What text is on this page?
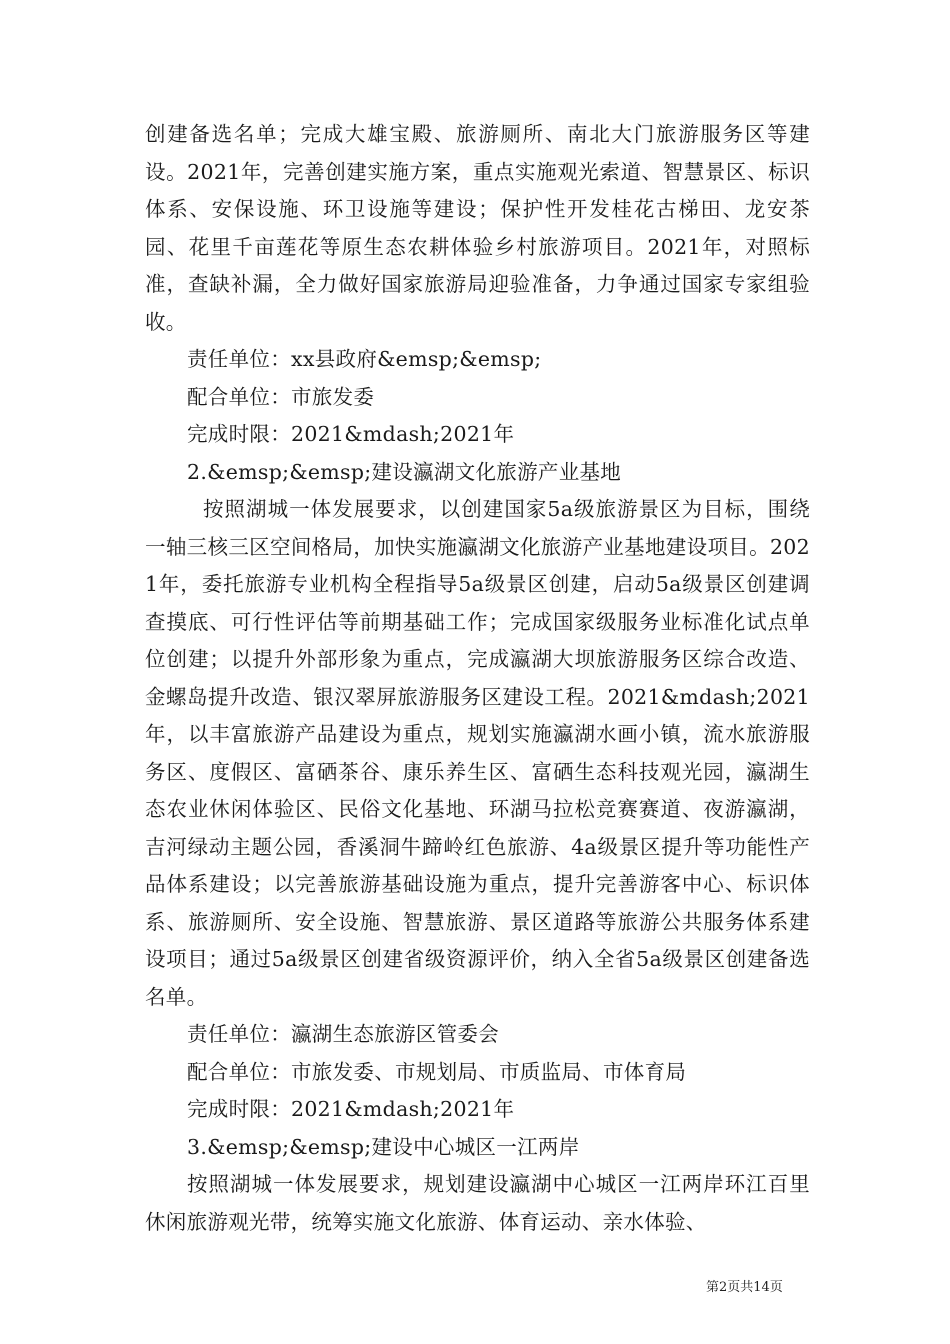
创建备选名单；完成大雄宝殿、旅游厕所、南北大门旅游服务区等建设。2021年，完善创建实施方案，重点实施观光索道、智慧景区、标识体系、安保设施、环卫设施等建设；保护性开发桂花古梯田、龙安茶园、花里千亩莲花等原生态农耕体验乡村旅游项目。2021年，对照标准，查缺补漏，全力做好国家旅游局迎验准备，力争通过国家专家组验收。

责任单位：xx县政府&emsp;&emsp;

配合单位：市旅发委

完成时限：2021&mdash;2021年

2.&emsp;&emsp;建设瀛湖文化旅游产业基地

按照湖城一体发展要求，以创建国家5a级旅游景区为目标，围绕一轴三核三区空间格局，加快实施瀛湖文化旅游产业基地建设项目。2021年，委托旅游专业机构全程指导5a级景区创建，启动5a级景区创建调查摸底、可行性评估等前期基础工作；完成国家级服务业标准化试点单位创建；以提升外部形象为重点，完成瀛湖大坝旅游服务区综合改造、金螺岛提升改造、银汉翠屏旅游服务区建设工程。2021&mdash;2021年，以丰富旅游产品建设为重点，规划实施瀛湖水画小镇，流水旅游服务区、度假区、富硒茶谷、康乐养生区、富硒生态科技观光园，瀛湖生态农业休闲体验区、民俗文化基地、环湖马拉松竞赛赛道、夜游瀛湖，吉河绿动主题公园，香溪洞牛蹄岭红色旅游、4a级景区提升等功能性产品体系建设；以完善旅游基础设施为重点，提升完善游客中心、标识体系、旅游厕所、安全设施、智慧旅游、景区道路等旅游公共服务体系建设项目；通过5a级景区创建省级资源评价，纳入全省5a级景区创建备选名单。

责任单位：瀛湖生态旅游区管委会

配合单位：市旅发委、市规划局、市质监局、市体育局

完成时限：2021&mdash;2021年

3.&emsp;&emsp;建设中心城区一江两岸

按照湖城一体发展要求，规划建设瀛湖中心城区一江两岸环江百里休闲旅游观光带，统筹实施文化旅游、体育运动、亲水体验、

第2页共14页
